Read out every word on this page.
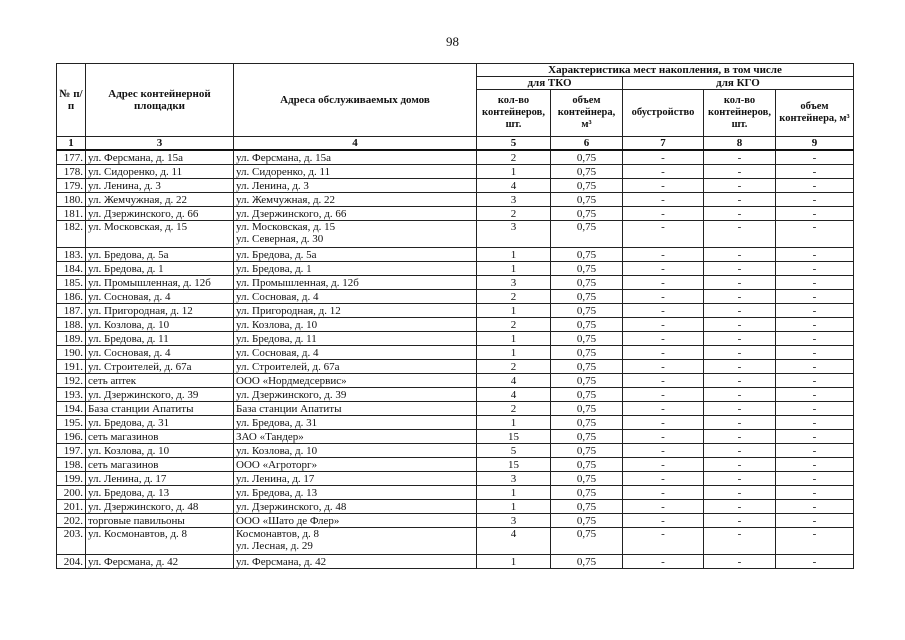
98
№ п/п	Адрес контейнерной площадки	Адреса обслуживаемых домов	Характеристика мест накопления, в том числе				
			для ТКО		для КГО		
			кол-во контейнеров, шт.	объем контейнера, м³	обустройство	кол-во контейнеров, шт.	объем контейнера, м³
1	3	4	5	6	7	8	9
177.	ул. Ферсмана, д. 15а	ул. Ферсмана, д. 15а	2	0,75	-	-	-
178.	ул. Сидоренко, д. 11	ул. Сидоренко, д. 11	1	0,75	-	-	-
179.	ул. Ленина, д. 3	ул. Ленина, д. 3	4	0,75	-	-	-
180.	ул. Жемчужная, д. 22	ул. Жемчужная, д. 22	3	0,75	-	-	-
181.	ул. Дзержинского, д. 66	ул. Дзержинского, д. 66	2	0,75	-	-	-
182.	ул. Московская, д. 15	ул. Московская, д. 15
ул. Северная, д. 30	3	0,75	-	-	-
183.	ул. Бредова, д. 5а	ул. Бредова, д. 5а	1	0,75	-	-	-
184.	ул. Бредова, д. 1	ул. Бредова, д. 1	1	0,75	-	-	-
185.	ул. Промышленная, д. 12б	ул. Промышленная, д. 12б	3	0,75	-	-	-
186.	ул. Сосновая, д. 4	ул. Сосновая, д. 4	2	0,75	-	-	-
187.	ул. Пригородная, д. 12	ул. Пригородная, д. 12	1	0,75	-	-	-
188.	ул. Козлова, д. 10	ул. Козлова, д. 10	2	0,75	-	-	-
189.	ул. Бредова, д. 11	ул. Бредова, д. 11	1	0,75	-	-	-
190.	ул. Сосновая, д. 4	ул. Сосновая, д. 4	1	0,75	-	-	-
191.	ул. Строителей, д. 67а	ул. Строителей, д. 67а	2	0,75	-	-	-
192.	сеть аптек	ООО «Нордмедсервис»	4	0,75	-	-	-
193.	ул. Дзержинского, д. 39	ул. Дзержинского, д. 39	4	0,75	-	-	-
194.	База станции Апатиты	База станции Апатиты	2	0,75	-	-	-
195.	ул. Бредова, д. 31	ул. Бредова, д. 31	1	0,75	-	-	-
196.	сеть магазинов	ЗАО «Тандер»	15	0,75	-	-	-
197.	ул. Козлова, д. 10	ул. Козлова, д. 10	5	0,75	-	-	-
198.	сеть магазинов	ООО «Агроторг»	15	0,75	-	-	-
199.	ул. Ленина, д. 17	ул. Ленина, д. 17	3	0,75	-	-	-
200.	ул. Бредова, д. 13	ул. Бредова, д. 13	1	0,75	-	-	-
201.	ул. Дзержинского, д. 48	ул. Дзержинского, д. 48	1	0,75	-	-	-
202.	торговые павильоны	ООО «Шато де Флер»	3	0,75	-	-	-
203.	ул. Космонавтов, д. 8	Космонавтов, д. 8
ул. Лесная, д. 29	4	0,75	-	-	-
204.	ул. Ферсмана, д. 42	ул. Ферсмана, д. 42	1	0,75	-	-	-
